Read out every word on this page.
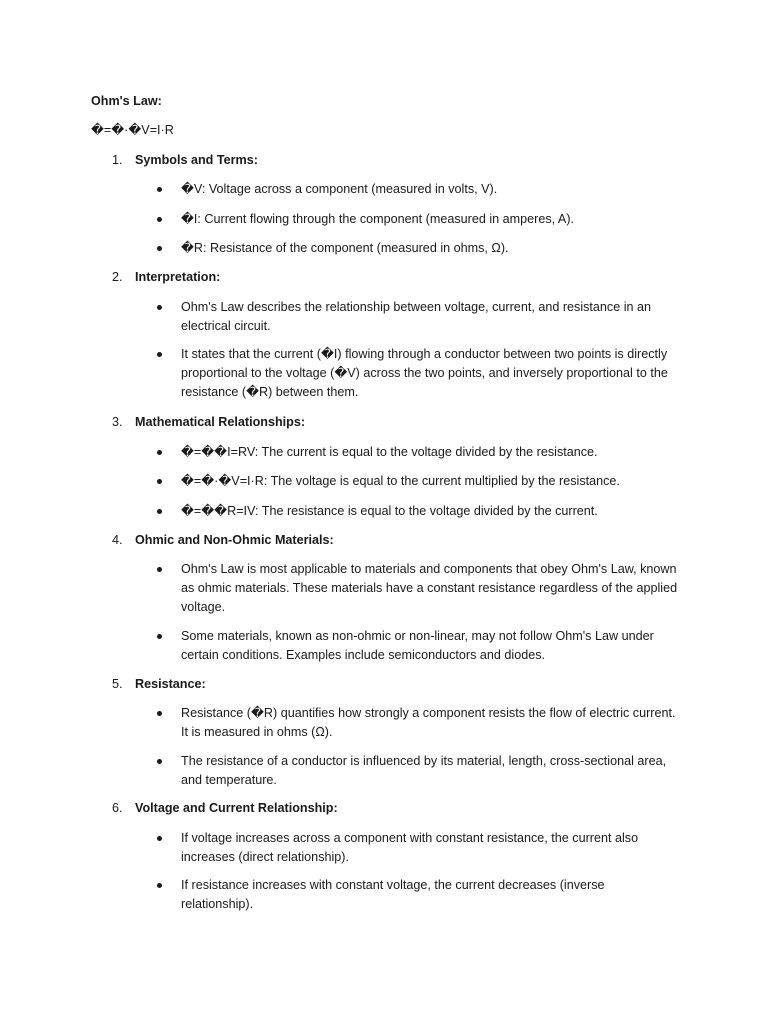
Ohm's Law:
�=�·�V=I·R
1. Symbols and Terms:
�V: Voltage across a component (measured in volts, V).
�I: Current flowing through the component (measured in amperes, A).
�R: Resistance of the component (measured in ohms, Ω).
2. Interpretation:
Ohm's Law describes the relationship between voltage, current, and resistance in an electrical circuit.
It states that the current (�I) flowing through a conductor between two points is directly proportional to the voltage (�V) across the two points, and inversely proportional to the resistance (�R) between them.
3. Mathematical Relationships:
�=��I=RV: The current is equal to the voltage divided by the resistance.
�=�·�V=I·R: The voltage is equal to the current multiplied by the resistance.
�=��R=IV: The resistance is equal to the voltage divided by the current.
4. Ohmic and Non-Ohmic Materials:
Ohm's Law is most applicable to materials and components that obey Ohm's Law, known as ohmic materials. These materials have a constant resistance regardless of the applied voltage.
Some materials, known as non-ohmic or non-linear, may not follow Ohm's Law under certain conditions. Examples include semiconductors and diodes.
5. Resistance:
Resistance (�R) quantifies how strongly a component resists the flow of electric current. It is measured in ohms (Ω).
The resistance of a conductor is influenced by its material, length, cross-sectional area, and temperature.
6. Voltage and Current Relationship:
If voltage increases across a component with constant resistance, the current also increases (direct relationship).
If resistance increases with constant voltage, the current decreases (inverse relationship).
